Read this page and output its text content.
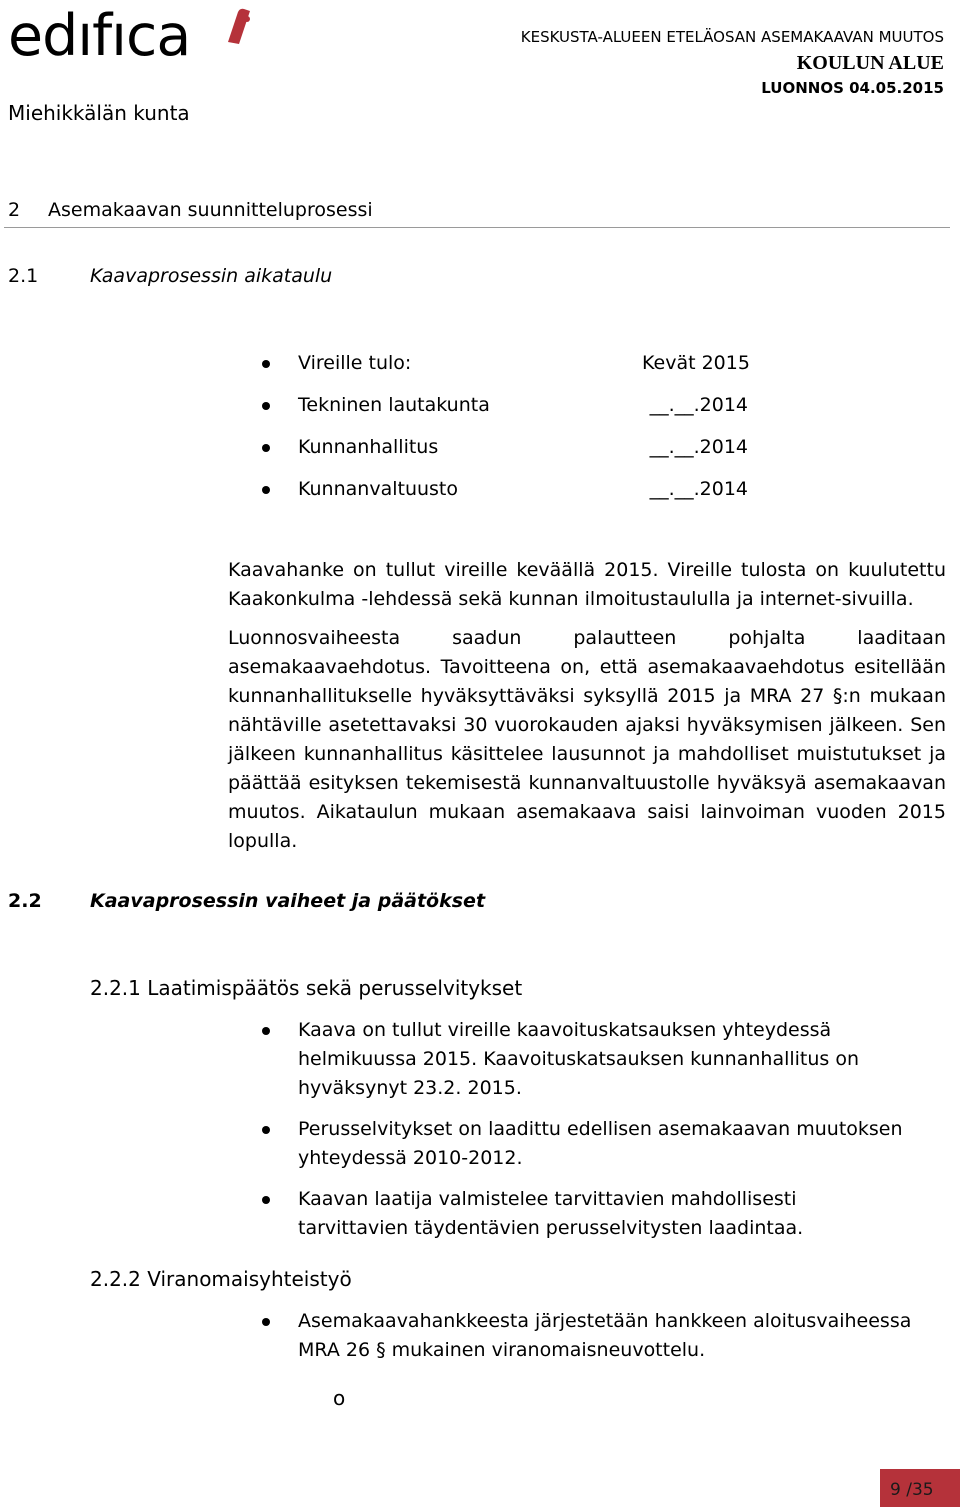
edıfıca	KESKUSTA-ALUEEN ETELÄOSAN ASEMAKAAVAN MUUTOS
KOULUN ALUE
LUONNOS 04.05.2015
Miehikkälän kunta
2 Asemakaavan suunnitteluprosessi
2.1	Kaavaprosessin aikataulu
Vireille tulo:	Kevät 2015
Tekninen lautakunta	__.__.2014
Kunnanhallitus	__.__.2014
Kunnanvaltuusto	__.__.2014

Kaavahanke on tullut vireille keväällä 2015. Vireille tulosta on kuulutettu Kaakonkulma -lehdessä sekä kunnan ilmoitustaululla ja internet-sivuilla.

Luonnosvaiheesta saadun palautteen pohjalta laaditaan asemakaavaehdotus. Tavoitteena on, että asemakaavaehdotus esitellään kunnanhallitukselle hyväksyttäväksi syksyllä 2015 ja MRA 27 §:n mukaan nähtäville asetettavaksi 30 vuorokauden ajaksi hyväksymisen jälkeen. Sen jälkeen kunnanhallitus käsittelee lausunnot ja mahdolliset muistutukset ja päättää esityksen tekemisestä kunnanvaltuustolle hyväksyä asemakaavan muutos. Aikataulun mukaan asemakaava saisi lainvoiman vuoden 2015 lopulla.

2.2	Kaavaprosessin vaiheet ja päätökset
2.2.1 Laatimispäätös sekä perusselvitykset
Kaava on tullut vireille kaavoituskatsauksen yhteydessä helmikuussa 2015. Kaavoituskatsauksen kunnanhallitus on hyväksynyt 23.2. 2015.
Perusselvitykset on laadittu edellisen asemakaavan muutoksen yhteydessä 2010-2012.
Kaavan laatija valmistelee tarvittavien mahdollisesti tarvittavien täydentävien perusselvitysten laadintaa.
2.2.2 Viranomaisyhteistyö
Asemakaavahankkeesta järjestetään hankkeen aloitusvaiheessa MRA 26 § mukainen viranomaisneuvottelu.
o
9 /35
